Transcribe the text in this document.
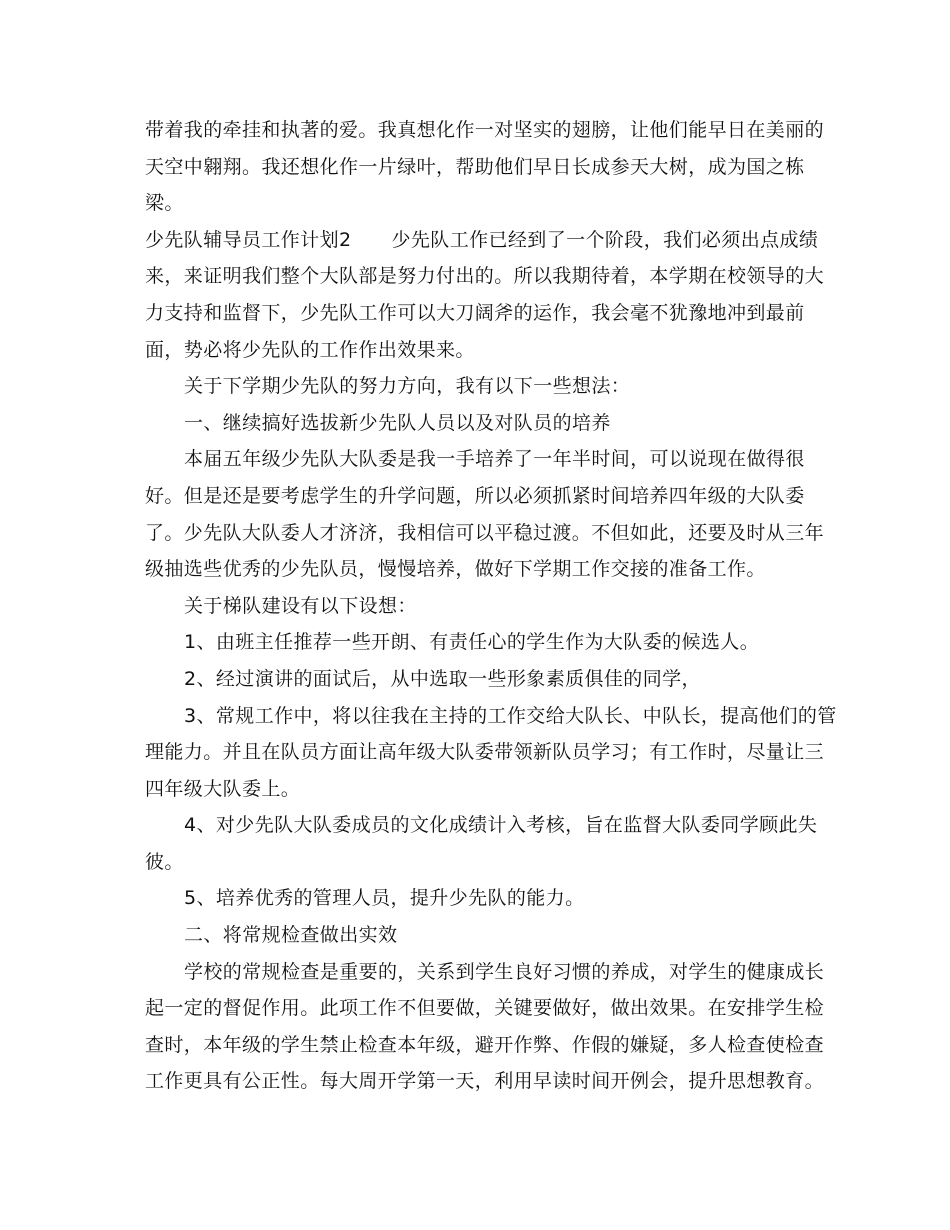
带着我的牵挂和执著的爱。我真想化作一对坚实的翅膀，让他们能早日在美丽的
天空中翱翔。我还想化作一片绿叶，帮助他们早日长成参天大树，成为国之栋
梁。
少先队辅导员工作计划2 少先队工作已经到了一个阶段，我们必须出点成绩
来，来证明我们整个大队部是努力付出的。所以我期待着，本学期在校领导的大
力支持和监督下，少先队工作可以大刀阔斧的运作，我会毫不犹豫地冲到最前
面，势必将少先队的工作作出效果来。
关于下学期少先队的努力方向，我有以下一些想法：
一、继续搞好选拔新少先队人员以及对队员的培养
本届五年级少先队大队委是我一手培养了一年半时间，可以说现在做得很
好。但是还是要考虑学生的升学问题，所以必须抓紧时间培养四年级的大队委
了。少先队大队委人才济济，我相信可以平稳过渡。不但如此，还要及时从三年
级抽选些优秀的少先队员，慢慢培养，做好下学期工作交接的准备工作。
关于梯队建设有以下设想：
1、由班主任推荐一些开朗、有责任心的学生作为大队委的候选人。
2、经过演讲的面试后，从中选取一些形象素质俱佳的同学，
3、常规工作中，将以往我在主持的工作交给大队长、中队长，提高他们的管
理能力。并且在队员方面让高年级大队委带领新队员学习；有工作时，尽量让三
四年级大队委上。
4、对少先队大队委成员的文化成绩计入考核，旨在监督大队委同学顾此失
彼。
5、培养优秀的管理人员，提升少先队的能力。
二、将常规检查做出实效
学校的常规检查是重要的，关系到学生良好习惯的养成，对学生的健康成长
起一定的督促作用。此项工作不但要做，关键要做好，做出效果。在安排学生检
查时，本年级的学生禁止检查本年级，避开作弊、作假的嫌疑，多人检查使检查
工作更具有公正性。每大周开学第一天，利用早读时间开例会，提升思想教育。
